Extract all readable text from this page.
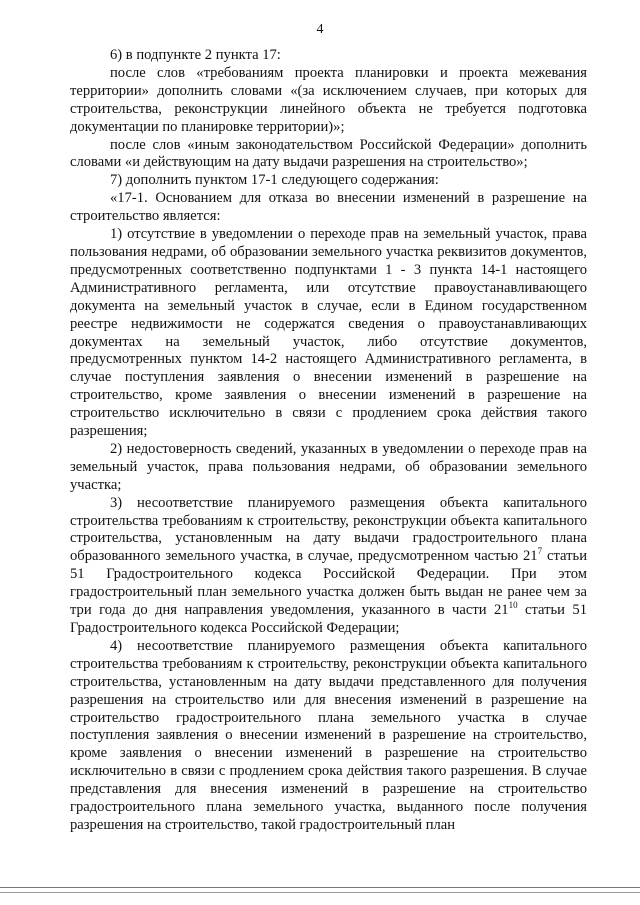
4

6) в подпункте 2 пункта 17:

после слов «требованиям проекта планировки и проекта межевания территории» дополнить словами «(за исключением случаев, при которых для строительства, реконструкции линейного объекта не требуется подготовка документации по планировке территории)»;

после слов «иным законодательством Российской Федерации» дополнить словами «и действующим на дату выдачи разрешения на строительство»;

7) дополнить пунктом 17-1 следующего содержания:

«17-1. Основанием для отказа во внесении изменений в разрешение на строительство является:

1) отсутствие в уведомлении о переходе прав на земельный участок, права пользования недрами, об образовании земельного участка реквизитов документов, предусмотренных соответственно подпунктами 1 - 3 пункта 14-1 настоящего Административного регламента, или отсутствие правоустанавливающего документа на земельный участок в случае, если в Едином государственном реестре недвижимости не содержатся сведения о правоустанавливающих документах на земельный участок, либо отсутствие документов, предусмотренных пунктом 14-2 настоящего Административного регламента, в случае поступления заявления о внесении изменений в разрешение на строительство, кроме заявления о внесении изменений в разрешение на строительство исключительно в связи с продлением срока действия такого разрешения;

2) недостоверность сведений, указанных в уведомлении о переходе прав на земельный участок, права пользования недрами, об образовании земельного участка;

3) несоответствие планируемого размещения объекта капитального строительства требованиям к строительству, реконструкции объекта капитального строительства, установленным на дату выдачи градостроительного плана образованного земельного участка, в случае, предусмотренном частью $21^7$ статьи 51 Градостроительного кодекса Российской Федерации. При этом градостроительный план земельного участка должен быть выдан не ранее чем за три года до дня направления уведомления, указанного в части $21^{10}$ статьи 51 Градостроительного кодекса Российской Федерации;

4) несоответствие планируемого размещения объекта капитального строительства требованиям к строительству, реконструкции объекта капитального строительства, установленным на дату выдачи представленного для получения разрешения на строительство или для внесения изменений в разрешение на строительство градостроительного плана земельного участка в случае поступления заявления о внесении изменений в разрешение на строительство, кроме заявления о внесении изменений в разрешение на строительство исключительно в связи с продлением срока действия такого разрешения. В случае представления для внесения изменений в разрешение на строительство градостроительного плана земельного участка, выданного после получения разрешения на строительство, такой градостроительный план
